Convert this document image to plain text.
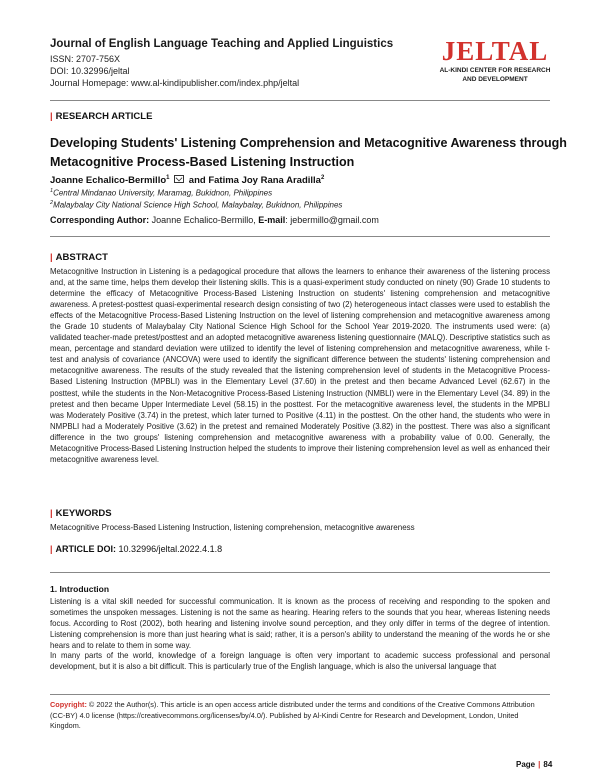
Journal of English Language Teaching and Applied Linguistics
ISSN: 2707-756X
DOI: 10.32996/jeltal
Journal Homepage: www.al-kindipublisher.com/index.php/jeltal
JELTAL
AL-KINDI CENTER FOR RESEARCH
AND DEVELOPMENT
| RESEARCH ARTICLE
Developing Students' Listening Comprehension and Metacognitive Awareness through Metacognitive Process-Based Listening Instruction
Joanne Echalico-Bermillo$^1$ and Fatima Joy Rana Aradilla$^2$
$^1$Central Mindanao University, Maramag, Bukidnon, Philippines
$^2$Malaybalay City National Science High School, Malaybalay, Bukidnon, Philippines
Corresponding Author: Joanne Echalico-Bermillo, E-mail: jebermillo@gmail.com
| ABSTRACT
Metacognitive Instruction in Listening is a pedagogical procedure that allows the learners to enhance their awareness of the listening process and, at the same time, helps them develop their listening skills. This is a quasi-experiment study conducted on ninety (90) Grade 10 students to determine the efficacy of Metacognitive Process-Based Listening Instruction on students' listening comprehension and metacognitive awareness. A pretest-posttest quasi-experimental research design consisting of two (2) heterogeneous intact classes were used to establish the effects of the Metacognitive Process-Based Listening Instruction on the level of listening comprehension and metacognitive awareness among the Grade 10 students of Malaybalay City National Science High School for the School Year 2019-2020. The instruments used were: (a) validated teacher-made pretest/posttest and an adopted metacognitive awareness listening questionnaire (MALQ). Descriptive statistics such as mean, percentage and standard deviation were utilized to identify the level of listening comprehension and metacognitive awareness, while t-test and analysis of covariance (ANCOVA) were used to identify the significant difference between the students' listening comprehension and metacognitive awareness. The results of the study revealed that the listening comprehension level of students in the Metacognitive Process-Based Listening Instruction (MPBLI) was in the Elementary Level (37.60) in the pretest and then became Advanced Level (62.67) in the posttest, while the students in the Non-Metacognitive Process-Based Listening Instruction (NMBLI) were in the Elementary Level (34. 89) in the pretest and then became Upper Intermediate Level (58.15) in the posttest. For the metacognitive awareness level, the students in the MPBLI was Moderately Positive (3.74) in the pretest, which later turned to Positive (4.11) in the posttest. On the other hand, the students who were in NMPBLI had a Moderately Positive (3.62) in the pretest and remained Moderately Positive (3.82) in the posttest. There was also a significant difference in the two groups' listening comprehension and metacognitive awareness with a probability value of 0.00. Generally, the Metacognitive Process-Based Listening Instruction helped the students to improve their listening comprehension level as well as enhanced their metacognitive awareness level.
| KEYWORDS
Metacognitive Process-Based Listening Instruction, listening comprehension, metacognitive awareness
| ARTICLE DOI: 10.32996/jeltal.2022.4.1.8
1. Introduction
Listening is a vital skill needed for successful communication. It is known as the process of receiving and responding to the spoken and sometimes the unspoken messages. Listening is not the same as hearing. Hearing refers to the sounds that you hear, whereas listening needs focus. According to Rost (2002), both hearing and listening involve sound perception, and they only differ in terms of the degree of intention. Listening comprehension is more than just hearing what is said; rather, it is a person's ability to understand the meaning of the words he or she hears and to relate to them in some way.
In many parts of the world, knowledge of a foreign language is often very important to academic success professional and personal development, but it is also a bit difficult. This is particularly true of the English language, which is also the universal language that
Copyright: © 2022 the Author(s). This article is an open access article distributed under the terms and conditions of the Creative Commons Attribution (CC-BY) 4.0 license (https://creativecommons.org/licenses/by/4.0/). Published by Al-Kindi Centre for Research and Development, London, United Kingdom.
Page | 84
